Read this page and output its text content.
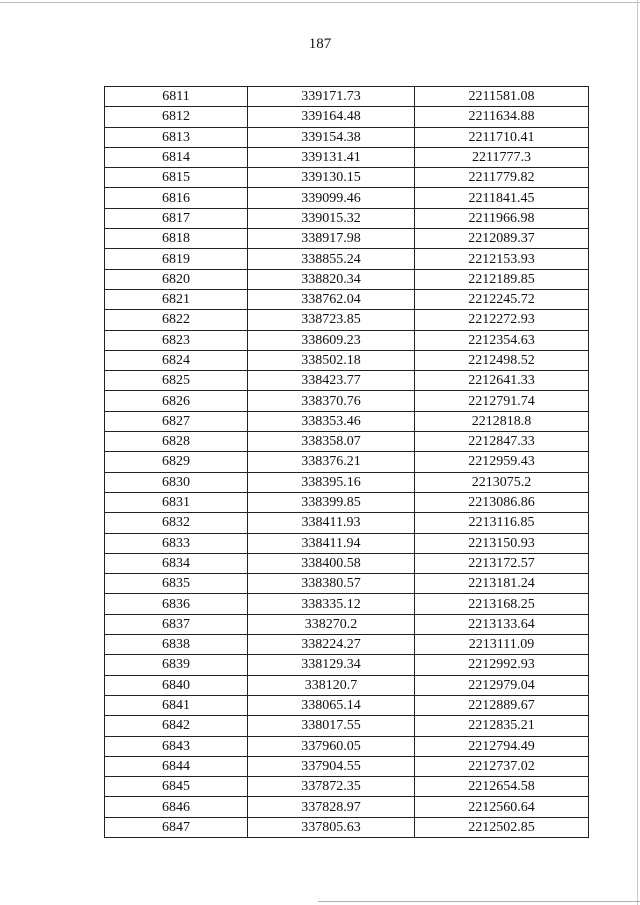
187
6811	339171.73	2211581.08
6812	339164.48	2211634.88
6813	339154.38	2211710.41
6814	339131.41	2211777.3
6815	339130.15	2211779.82
6816	339099.46	2211841.45
6817	339015.32	2211966.98
6818	338917.98	2212089.37
6819	338855.24	2212153.93
6820	338820.34	2212189.85
6821	338762.04	2212245.72
6822	338723.85	2212272.93
6823	338609.23	2212354.63
6824	338502.18	2212498.52
6825	338423.77	2212641.33
6826	338370.76	2212791.74
6827	338353.46	2212818.8
6828	338358.07	2212847.33
6829	338376.21	2212959.43
6830	338395.16	2213075.2
6831	338399.85	2213086.86
6832	338411.93	2213116.85
6833	338411.94	2213150.93
6834	338400.58	2213172.57
6835	338380.57	2213181.24
6836	338335.12	2213168.25
6837	338270.2	2213133.64
6838	338224.27	2213111.09
6839	338129.34	2212992.93
6840	338120.7	2212979.04
6841	338065.14	2212889.67
6842	338017.55	2212835.21
6843	337960.05	2212794.49
6844	337904.55	2212737.02
6845	337872.35	2212654.58
6846	337828.97	2212560.64
6847	337805.63	2212502.85
